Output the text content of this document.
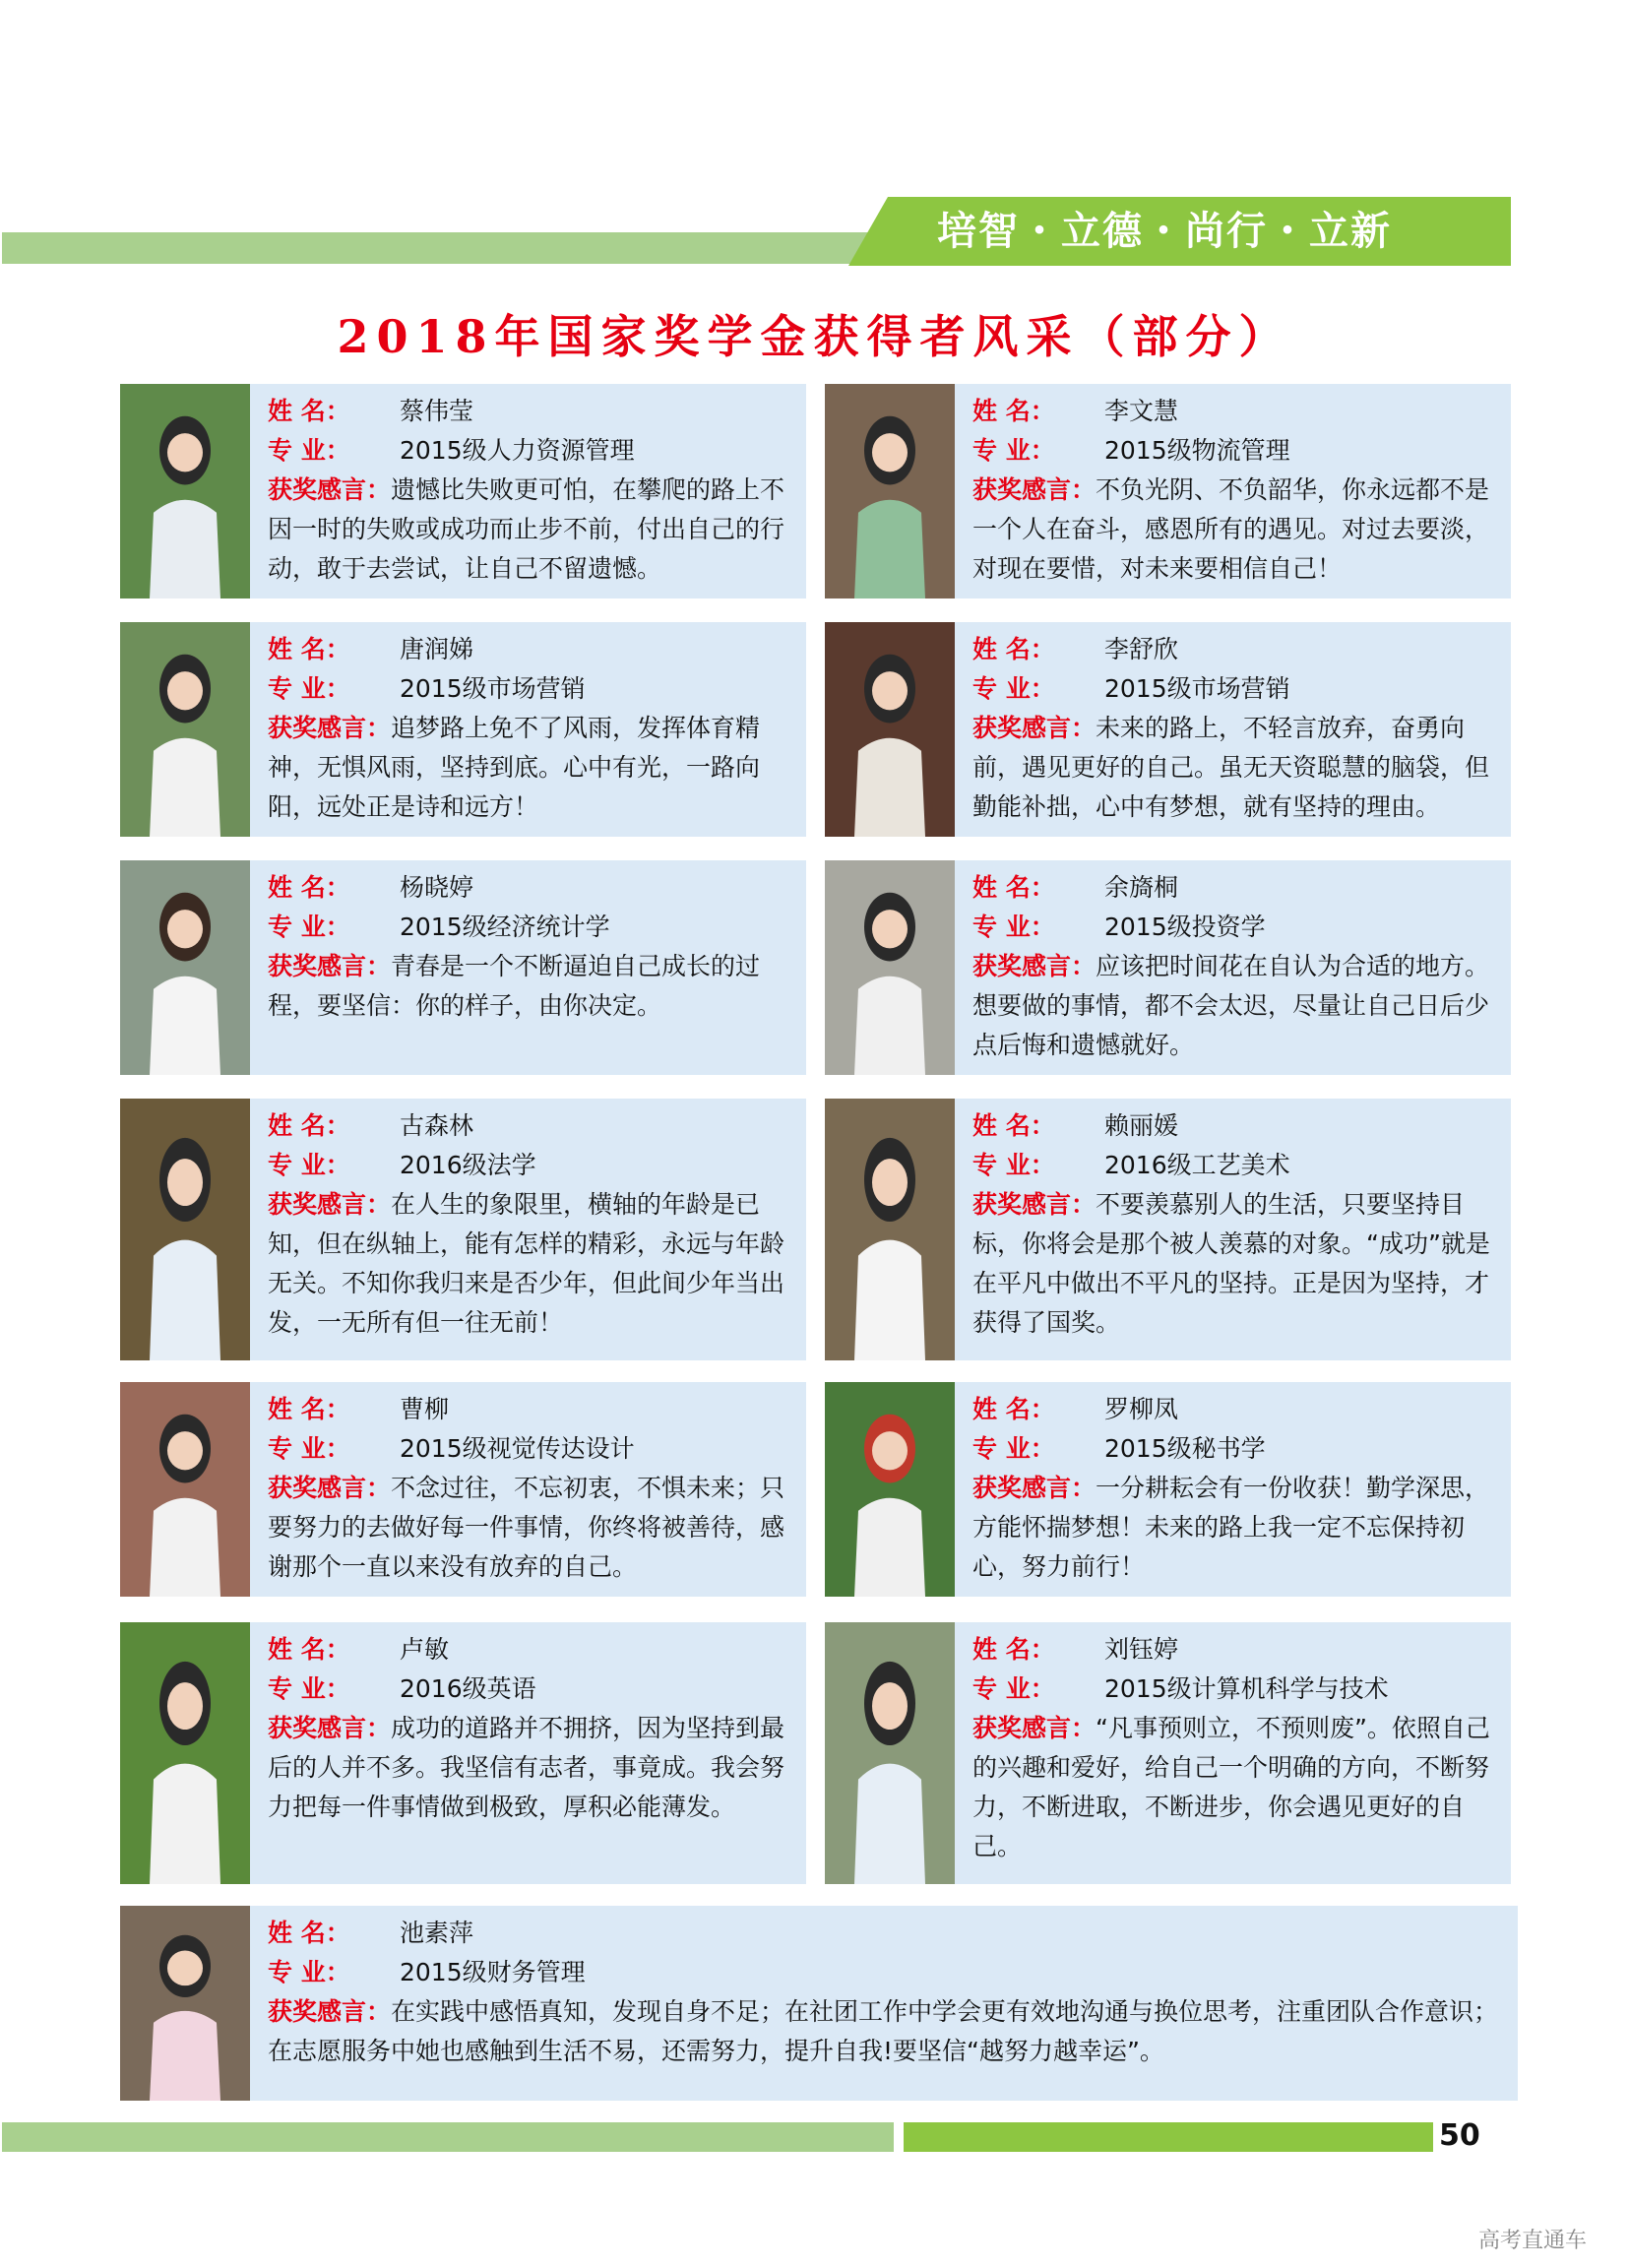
培智・立德・尚行・立新
2018年国家奖学金获得者风采（部分）
姓 名： 蔡伟莹
专 业： 2015级人力资源管理
获奖感言：遗憾比失败更可怕，在攀爬的路上不因一时的失败或成功而止步不前，付出自己的行动，敢于去尝试，让自己不留遗憾。
姓 名： 李文慧
专 业： 2015级物流管理
获奖感言：不负光阴、不负韶华，你永远都不是一个人在奋斗，感恩所有的遇见。对过去要淡，对现在要惜，对未来要相信自己！
姓 名： 唐润娣
专 业： 2015级市场营销
获奖感言：追梦路上免不了风雨，发挥体育精神，无惧风雨，坚持到底。心中有光，一路向阳，远处正是诗和远方！
姓 名： 李舒欣
专 业： 2015级市场营销
获奖感言：未来的路上，不轻言放弃，奋勇向前，遇见更好的自己。虽无天资聪慧的脑袋，但勤能补拙，心中有梦想，就有坚持的理由。
姓 名： 杨晓婷
专 业： 2015级经济统计学
获奖感言：青春是一个不断逼迫自己成长的过程，要坚信：你的样子，由你决定。
姓 名： 余旖桐
专 业： 2015级投资学
获奖感言：应该把时间花在自认为合适的地方。想要做的事情，都不会太迟，尽量让自己日后少点后悔和遗憾就好。
姓 名： 古森林
专 业： 2016级法学
获奖感言：在人生的象限里，横轴的年龄是已知，但在纵轴上，能有怎样的精彩，永远与年龄无关。不知你我归来是否少年，但此间少年当出发，一无所有但一往无前！
姓 名： 赖丽媛
专 业： 2016级工艺美术
获奖感言：不要羡慕别人的生活，只要坚持目标，你将会是那个被人羡慕的对象。“成功”就是在平凡中做出不平凡的坚持。正是因为坚持，才获得了国奖。
姓 名： 曹柳
专 业： 2015级视觉传达设计
获奖感言：不念过往，不忘初衷，不惧未来；只要努力的去做好每一件事情，你终将被善待，感谢那个一直以来没有放弃的自己。
姓 名： 罗柳凤
专 业： 2015级秘书学
获奖感言：一分耕耘会有一份收获！勤学深思，方能怀揣梦想！未来的路上我一定不忘保持初心，努力前行！
姓 名： 卢敏
专 业： 2016级英语
获奖感言：成功的道路并不拥挤，因为坚持到最后的人并不多。我坚信有志者，事竟成。我会努力把每一件事情做到极致，厚积必能薄发。
姓 名： 刘钰婷
专 业： 2015级计算机科学与技术
获奖感言：“凡事预则立，不预则废”。依照自己的兴趣和爱好，给自己一个明确的方向，不断努力，不断进取，不断进步，你会遇见更好的自己。
姓 名： 池素萍
专 业： 2015级财务管理
获奖感言：在实践中感悟真知，发现自身不足；在社团工作中学会更有效地沟通与换位思考，注重团队合作意识；在志愿服务中她也感触到生活不易，还需努力，提升自我!要坚信“越努力越幸运”。
50
高考直通车
